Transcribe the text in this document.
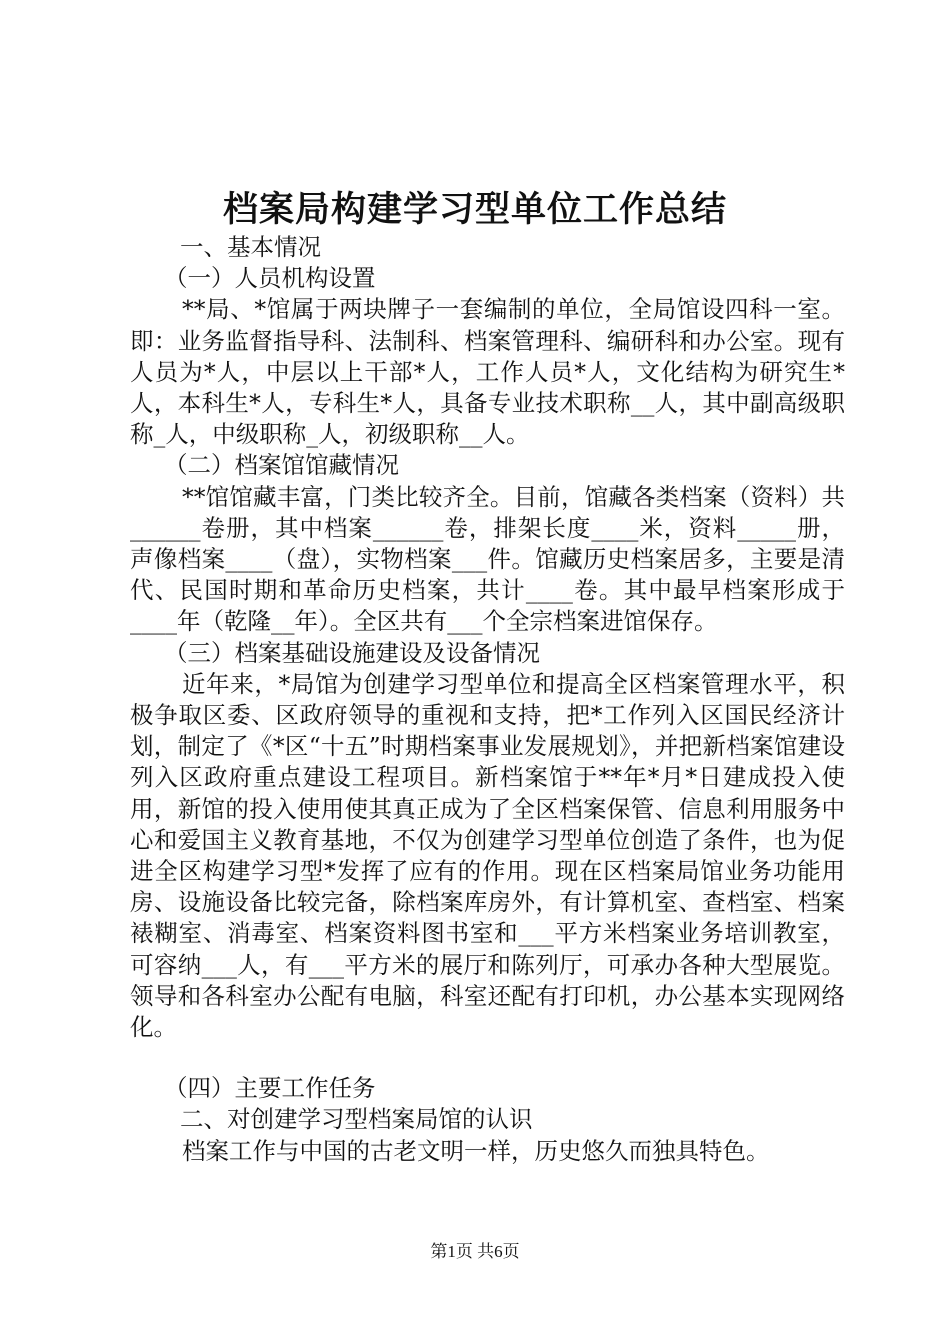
档案局构建学习型单位工作总结
一、基本情况
（一）人员机构设置

**局、*馆属于两块牌子一套编制的单位，全局馆设四科一室。即：业务监督指导科、法制科、档案管理科、编研科和办公室。现有人员为*人，中层以上干部*人，工作人员*人，文化结构为研究生*人，本科生*人，专科生*人，具备专业技术职称__人，其中副高级职称_人，中级职称_人，初级职称__人。

（二）档案馆馆藏情况

**馆馆藏丰富，门类比较齐全。目前，馆藏各类档案（资料）共______卷册，其中档案______卷，排架长度____米，资料_____册，声像档案____（盘），实物档案___件。馆藏历史档案居多，主要是清代、民国时期和革命历史档案，共计____卷。其中最早档案形成于____年（乾隆__年）。全区共有___个全宗档案进馆保存。

（三）档案基础设施建设及设备情况

近年来，*局馆为创建学习型单位和提高全区档案管理水平，积极争取区委、区政府领导的重视和支持，把*工作列入区国民经济计划，制定了《*区“十五”时期档案事业发展规划》，并把新档案馆建设列入区政府重点建设工程项目。新档案馆于**年*月*日建成投入使用，新馆的投入使用使其真正成为了全区档案保管、信息利用服务中心和爱国主义教育基地，不仅为创建学习型单位创造了条件，也为促进全区构建学习型*发挥了应有的作用。现在区档案局馆业务功能用房、设施设备比较完备，除档案库房外，有计算机室、查档室、档案裱糊室、消毒室、档案资料图书室和___平方米档案业务培训教室，可容纳___人，有___平方米的展厅和陈列厅，可承办各种大型展览。领导和各科室办公配有电脑，科室还配有打印机，办公基本实现网络化。

（四）主要工作任务
二、对创建学习型档案局馆的认识

档案工作与中国的古老文明一样，历史悠久而独具特色。

第1页 共6页
